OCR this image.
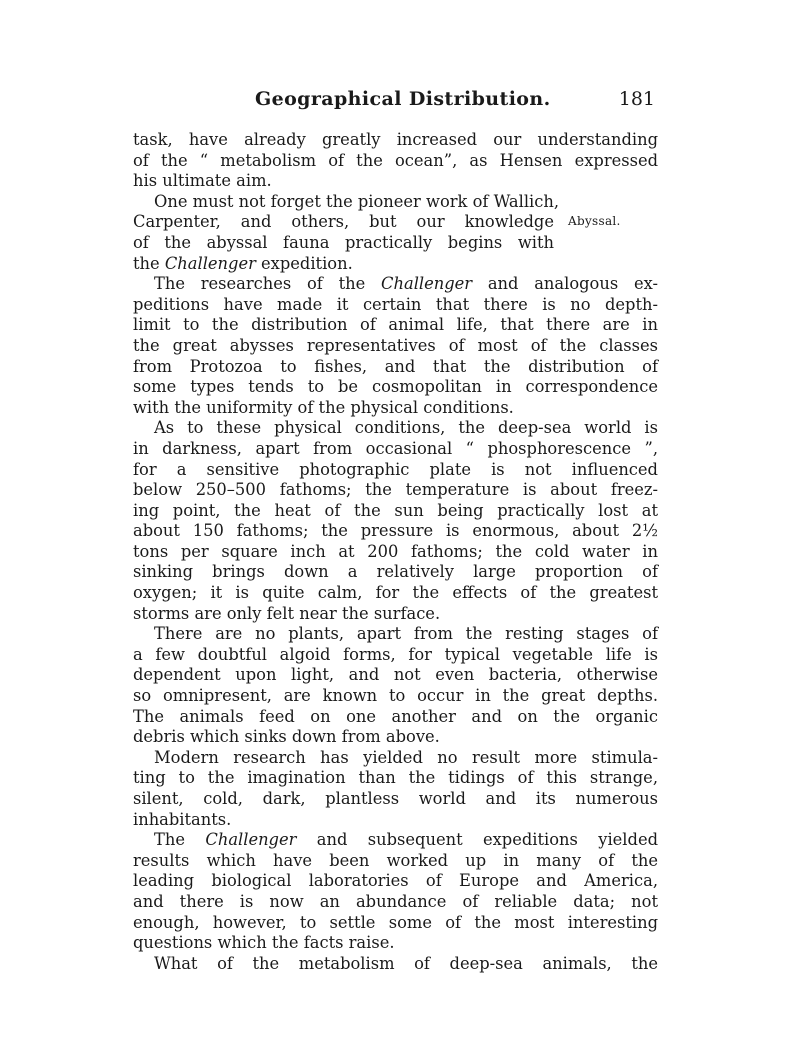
Geographical Distribution.	181
task, have already greatly increased our understanding
of the “ metabolism of the ocean”, as Hensen expressed
his ultimate aim.
Abyssal.
One must not forget the pioneer work of Wallich,
Carpenter, and others, but our knowledge
of the abyssal fauna practically begins with
the Challenger expedition.
The researches of the Challenger and analogous ex-
peditions have made it certain that there is no depth-
limit to the distribution of animal life, that there are in
the great abysses representatives of most of the classes
from Protozoa to fishes, and that the distribution of
some types tends to be cosmopolitan in correspondence
with the uniformity of the physical conditions.
As to these physical conditions, the deep-sea world is
in darkness, apart from occasional “ phosphorescence ”,
for a sensitive photographic plate is not influenced
below 250–500 fathoms; the temperature is about freez-
ing point, the heat of the sun being practically lost at
about 150 fathoms; the pressure is enormous, about 2½
tons per square inch at 200 fathoms; the cold water in
sinking brings down a relatively large proportion of
oxygen; it is quite calm, for the effects of the greatest
storms are only felt near the surface.
There are no plants, apart from the resting stages of
a few doubtful algoid forms, for typical vegetable life is
dependent upon light, and not even bacteria, otherwise
so omnipresent, are known to occur in the great depths.
The animals feed on one another and on the organic
debris which sinks down from above.
Modern research has yielded no result more stimula-
ting to the imagination than the tidings of this strange,
silent, cold, dark, plantless world and its numerous
inhabitants.
The Challenger and subsequent expeditions yielded
results which have been worked up in many of the
leading biological laboratories of Europe and America,
and there is now an abundance of reliable data; not
enough, however, to settle some of the most interesting
questions which the facts raise.
What of the metabolism of deep-sea animals, the
